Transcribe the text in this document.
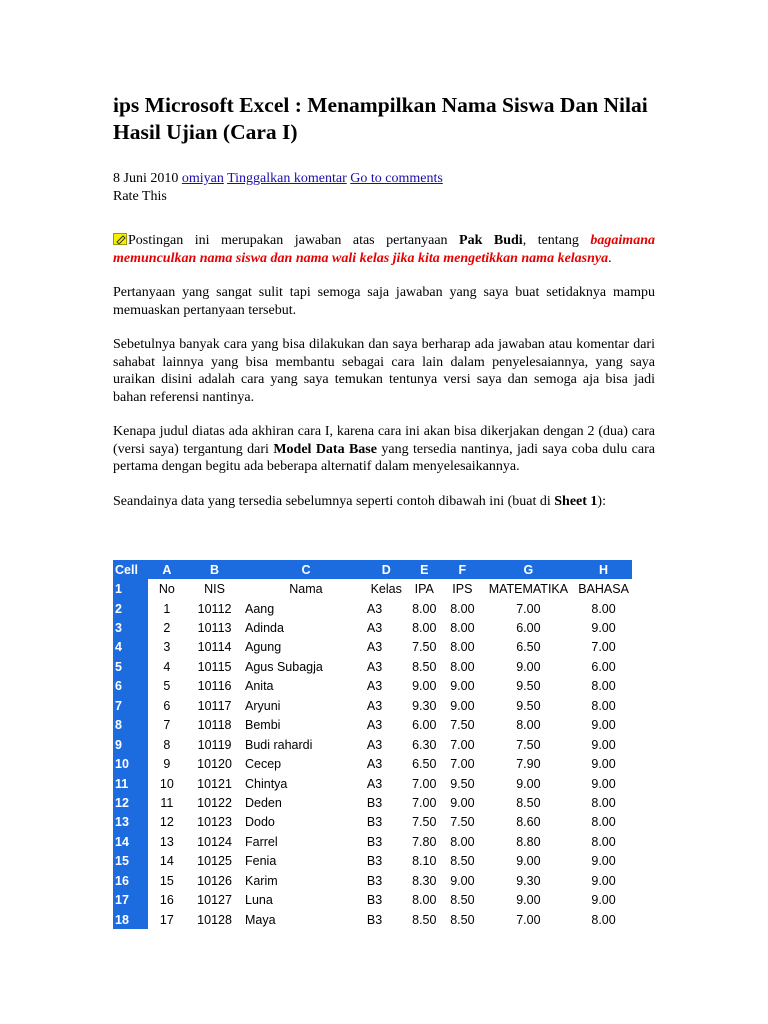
ips Microsoft Excel : Menampilkan Nama Siswa Dan Nilai Hasil Ujian (Cara I)
8 Juni 2010 omiyan Tinggalkan komentar Go to comments
Rate This

Postingan ini merupakan jawaban atas pertanyaan Pak Budi, tentang bagaimana memunculkan nama siswa dan nama wali kelas jika kita mengetikkan nama kelasnya.

Pertanyaan yang sangat sulit tapi semoga saja jawaban yang saya buat setidaknya mampu memuaskan pertanyaan tersebut.

Sebetulnya banyak cara yang bisa dilakukan dan saya berharap ada jawaban atau komentar dari sahabat lainnya yang bisa membantu sebagai cara lain dalam penyelesaiannya, yang saya uraikan disini adalah cara yang saya temukan tentunya versi saya dan semoga aja bisa jadi bahan referensi nantinya.

Kenapa judul diatas ada akhiran cara I, karena cara ini akan bisa dikerjakan dengan 2 (dua) cara (versi saya) tergantung dari Model Data Base yang tersedia nantinya, jadi saya coba dulu cara pertama dengan begitu ada beberapa alternatif dalam menyelesaikannya.

Seandainya data yang tersedia sebelumnya seperti contoh dibawah ini (buat di Sheet 1):

Cell	A	B	C	D	E	F	G	H
1	No	NIS	Nama	Kelas	IPA	IPS	MATEMATIKA	BAHASA
2	1	10112	Aang	A3	8.00	8.00	7.00	8.00
3	2	10113	Adinda	A3	8.00	8.00	6.00	9.00
4	3	10114	Agung	A3	7.50	8.00	6.50	7.00
5	4	10115	Agus Subagja	A3	8.50	8.00	9.00	6.00
6	5	10116	Anita	A3	9.00	9.00	9.50	8.00
7	6	10117	Aryuni	A3	9.30	9.00	9.50	8.00
8	7	10118	Bembi	A3	6.00	7.50	8.00	9.00
9	8	10119	Budi rahardi	A3	6.30	7.00	7.50	9.00
10	9	10120	Cecep	A3	6.50	7.00	7.90	9.00
11	10	10121	Chintya	A3	7.00	9.50	9.00	9.00
12	11	10122	Deden	B3	7.00	9.00	8.50	8.00
13	12	10123	Dodo	B3	7.50	7.50	8.60	8.00
14	13	10124	Farrel	B3	7.80	8.00	8.80	8.00
15	14	10125	Fenia	B3	8.10	8.50	9.00	9.00
16	15	10126	Karim	B3	8.30	9.00	9.30	9.00
17	16	10127	Luna	B3	8.00	8.50	9.00	9.00
18	17	10128	Maya	B3	8.50	8.50	7.00	8.00
